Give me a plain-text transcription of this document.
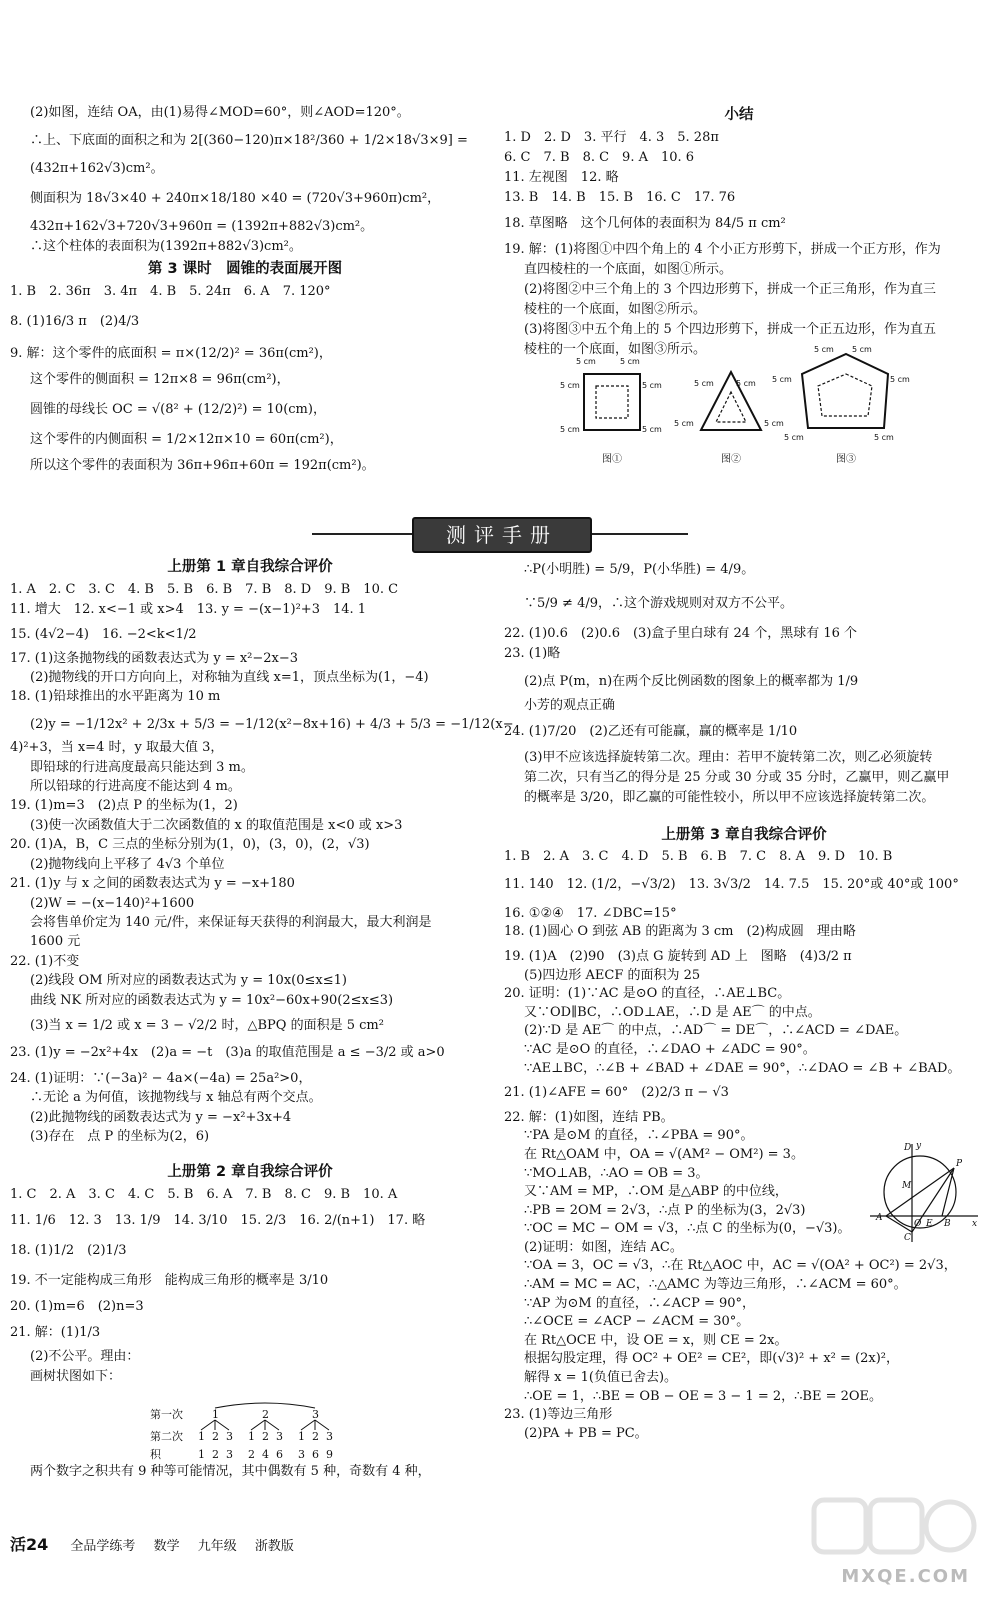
(2)如图，连结 OA，由(1)易得∠MOD=60°，则∠AOD=120°。
∴上、下底面的面积之和为 2[(360−120)π×18²/360 + 1/2×18√3×9] =
(432π+162√3)cm²。
侧面积为 18√3×40 + 240π×18/180 ×40 = (720√3+960π)cm²，
432π+162√3+720√3+960π = (1392π+882√3)cm²。
∴这个柱体的表面积为(1392π+882√3)cm²。
第 3 课时　圆锥的表面展开图
1. B　2. 36π　3. 4π　4. B　5. 24π　6. A　7. 120°
8. (1)16/3 π　(2)4/3
9. 解：这个零件的底面积 = π×(12/2)² = 36π(cm²)，
这个零件的侧面积 = 12π×8 = 96π(cm²)，
圆锥的母线长 OC = √(8² + (12/2)²) = 10(cm)，
这个零件的内侧面积 = 1/2×12π×10 = 60π(cm²)，
所以这个零件的表面积为 36π+96π+60π = 192π(cm²)。
小结
1. D　2. D　3. 平行　4. 3　5. 28π
6. C　7. B　8. C　9. A　10. 6
11. 左视图　12. 略
13. B　14. B　15. B　16. C　17. 76
18. 草图略　这个几何体的表面积为 84/5 π cm²
19. 解：(1)将图①中四个角上的 4 个小正方形剪下，拼成一个正方形，作为
直四棱柱的一个底面，如图①所示。
(2)将图②中三个角上的 3 个四边形剪下，拼成一个正三角形，作为直三
棱柱的一个底面，如图②所示。
(3)将图③中五个角上的 5 个四边形剪下，拼成一个正五边形，作为直五
棱柱的一个底面，如图③所示。
5 cm	5 cm
5 cm	5 cm
5 cm	5 cm
5 cm	5 cm
5 cm	5 cm
5 cm 5 cm
5 cm	5 cm
5 cm	5 cm
图①	图②	图③
测评手册
上册第 1 章自我综合评价
1. A　2. C　3. C　4. B　5. B　6. B　7. B　8. D　9. B　10. C
11. 增大　12. x<−1 或 x>4　13. y = −(x−1)²+3　14. 1
15. (4√2−4)　16. −2<k<1/2
17. (1)这条抛物线的函数表达式为 y = x²−2x−3
(2)抛物线的开口方向向上，对称轴为直线 x=1，顶点坐标为(1，−4)
18. (1)铅球推出的水平距离为 10 m
(2)y = −1/12x² + 2/3x + 5/3 = −1/12(x²−8x+16) + 4/3 + 5/3 = −1/12(x−
4)²+3，当 x=4 时，y 取最大值 3，
即铅球的行进高度最高只能达到 3 m。
所以铅球的行进高度不能达到 4 m。
19. (1)m=3　(2)点 P 的坐标为(1，2)
(3)使一次函数值大于二次函数值的 x 的取值范围是 x<0 或 x>3
20. (1)A，B，C 三点的坐标分别为(1，0)，(3，0)，(2，√3)
(2)抛物线向上平移了 4√3 个单位
21. (1)y 与 x 之间的函数表达式为 y = −x+180
(2)W = −(x−140)²+1600
会将售单价定为 140 元/件，来保证每天获得的利润最大，最大利润是
1600 元
22. (1)不变
(2)线段 OM 所对应的函数表达式为 y = 10x(0≤x≤1)
曲线 NK 所对应的函数表达式为 y = 10x²−60x+90(2≤x≤3)
(3)当 x = 1/2 或 x = 3 − √2/2 时，△BPQ 的面积是 5 cm²
23. (1)y = −2x²+4x　(2)a = −t　(3)a 的取值范围是 a ≤ −3/2 或 a>0
24. (1)证明：∵(−3a)² − 4a×(−4a) = 25a²>0，
∴无论 a 为何值，该抛物线与 x 轴总有两个交点。
(2)此抛物线的函数表达式为 y = −x²+3x+4
(3)存在　点 P 的坐标为(2，6)
上册第 2 章自我综合评价
1. C　2. A　3. C　4. C　5. B　6. A　7. B　8. C　9. B　10. A
11. 1/6　12. 3　13. 1/9　14. 3/10　15. 2/3　16. 2/(n+1)　17. 略
18. (1)1/2　(2)1/3
19. 不一定能构成三角形　能构成三角形的概率是 3/10
20. (1)m=6　(2)n=3
21. 解：(1)1/3
(2)不公平。理由：
画树状图如下：
第一次
第二次
积
1	2	3
1 2 3 1 2 3 1 2 3
1 2 3 2 4 6 3 6 9
两个数字之积共有 9 种等可能情况，其中偶数有 5 种，奇数有 4 种，
∴P(小明胜) = 5/9，P(小华胜) = 4/9。
∵5/9 ≠ 4/9，∴这个游戏规则对双方不公平。
22. (1)0.6　(2)0.6　(3)盒子里白球有 24 个，黑球有 16 个
23. (1)略
(2)点 P(m，n)在两个反比例函数的图象上的概率都为 1/9
小芳的观点正确
24. (1)7/20　(2)乙还有可能赢，赢的概率是 1/10
(3)甲不应该选择旋转第二次。理由：若甲不旋转第二次，则乙必须旋转
第二次，只有当乙的得分是 25 分或 30 分或 35 分时，乙赢甲，则乙赢甲
的概率是 3/20，即乙赢的可能性较小，所以甲不应该选择旋转第二次。
上册第 3 章自我综合评价
1. B　2. A　3. C　4. D　5. B　6. B　7. C　8. A　9. D　10. B
11. 140　12. (1/2，−√3/2)　13. 3√3/2　14. 7.5　15. 20°或 40°或 100°
16. ①②④　17. ∠DBC=15°
18. (1)圆心 O 到弦 AB 的距离为 3 cm　(2)构成圆　理由略
19. (1)A　(2)90　(3)点 G 旋转到 AD 上　图略　(4)3/2 π
(5)四边形 AECF 的面积为 25
20. 证明：(1)∵AC 是⊙O 的直径，∴AE⊥BC。
又∵OD∥BC，∴OD⊥AE，∴D 是 AE⌒ 的中点。
(2)∵D 是 AE⌒ 的中点，∴AD⌒ = DE⌒，∴∠ACD = ∠DAE。
∵AC 是⊙O 的直径，∴∠DAO + ∠ADC = 90°。
∵AE⊥BC，∴∠B + ∠BAD + ∠DAE = 90°，∴∠DAO = ∠B + ∠BAD。
21. (1)∠AFE = 60°　(2)2/3 π − √3
22. 解：(1)如图，连结 PB。
∵PA 是⊙M 的直径，∴∠PBA = 90°。
在 Rt△OAM 中，OA = √(AM² − OM²) = 3。
∵MO⊥AB，∴AO = OB = 3。
又∵AM = MP，∴OM 是△ABP 的中位线，
∴PB = 2OM = 2√3，∴点 P 的坐标为(3，2√3)
∵OC = MC − OM = √3，∴点 C 的坐标为(0，−√3)。
(2)证明：如图，连结 AC。
∵OA = 3，OC = √3，∴在 Rt△AOC 中，AC = √(OA² + OC²) = 2√3，
∴AM = MC = AC，∴△AMC 为等边三角形，∴∠ACM = 60°。
∵AP 为⊙M 的直径，∴∠ACP = 90°，
∴∠OCE = ∠ACP − ∠ACM = 30°。
在 Rt△OCE 中，设 OE = x，则 CE = 2x。
根据勾股定理，得 OC² + OE² = CE²，即(√3)² + x² = (2x)²，
解得 x = 1(负值已舍去)。
∴OE = 1，∴BE = OB − OE = 3 − 1 = 2，∴BE = 2OE。
23. (1)等边三角形
(2)PA + PB = PC。
D y
M
A
O E B x
C
P
活24 全品学练考 数学 九年级 浙教版
MXQE.COM
